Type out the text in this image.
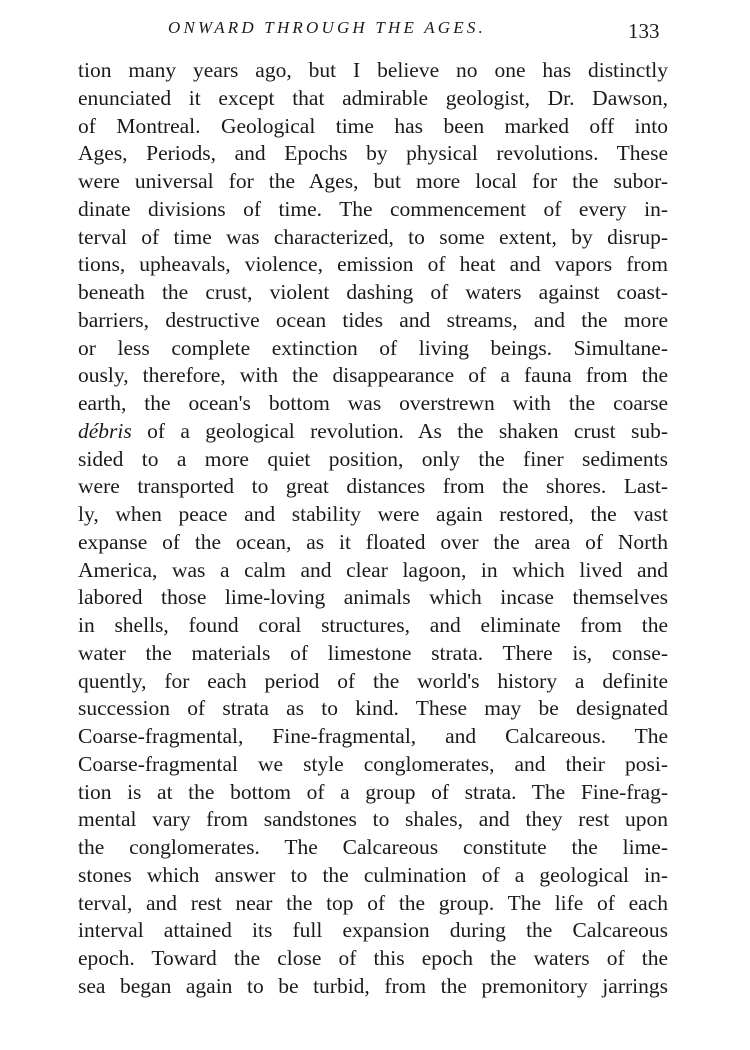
ONWARD THROUGH THE AGES.	133
tion many years ago, but I believe no one has distinctly
enunciated it except that admirable geologist, Dr. Dawson,
of Montreal. Geological time has been marked off into
Ages, Periods, and Epochs by physical revolutions. These
were universal for the Ages, but more local for the subor-
dinate divisions of time. The commencement of every in-
terval of time was characterized, to some extent, by disrup-
tions, upheavals, violence, emission of heat and vapors from
beneath the crust, violent dashing of waters against coast-
barriers, destructive ocean tides and streams, and the more
or less complete extinction of living beings. Simultane-
ously, therefore, with the disappearance of a fauna from the
earth, the ocean's bottom was overstrewn with the coarse
débris of a geological revolution. As the shaken crust sub-
sided to a more quiet position, only the finer sediments
were transported to great distances from the shores. Last-
ly, when peace and stability were again restored, the vast
expanse of the ocean, as it floated over the area of North
America, was a calm and clear lagoon, in which lived and
labored those lime-loving animals which incase themselves
in shells, found coral structures, and eliminate from the
water the materials of limestone strata. There is, conse-
quently, for each period of the world's history a definite
succession of strata as to kind. These may be designated
Coarse-fragmental, Fine-fragmental, and Calcareous. The
Coarse-fragmental we style conglomerates, and their posi-
tion is at the bottom of a group of strata. The Fine-frag-
mental vary from sandstones to shales, and they rest upon
the conglomerates. The Calcareous constitute the lime-
stones which answer to the culmination of a geological in-
terval, and rest near the top of the group. The life of each
interval attained its full expansion during the Calcareous
epoch. Toward the close of this epoch the waters of the
sea began again to be turbid, from the premonitory jarrings
